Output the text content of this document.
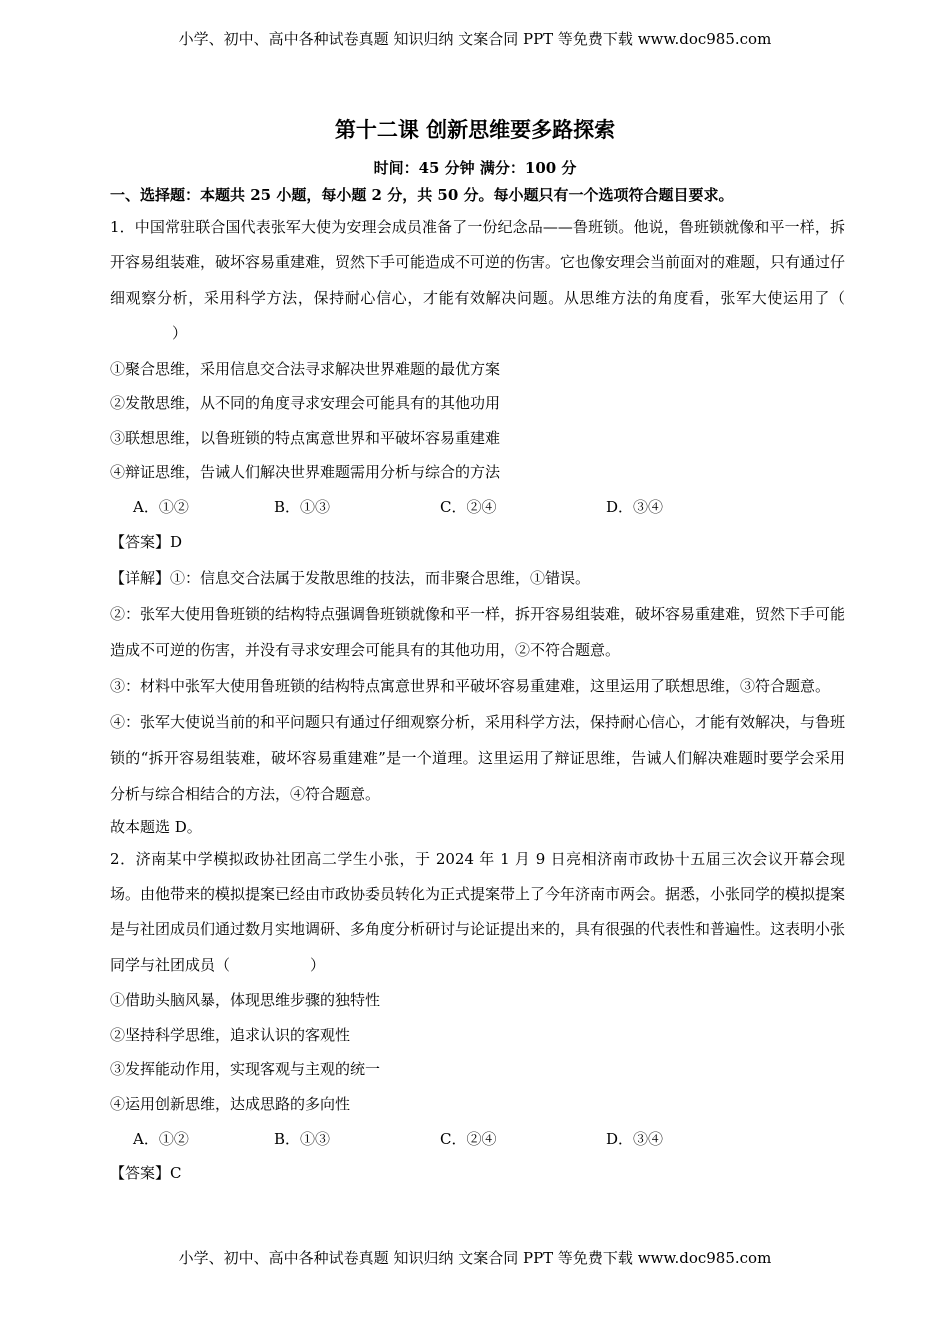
小学、初中、高中各种试卷真题 知识归纳 文案合同 PPT 等免费下载 www.doc985.com
第十二课 创新思维要多路探索
时间：45 分钟 满分：100 分
一、选择题：本题共 25 小题，每小题 2 分，共 50 分。每小题只有一个选项符合题目要求。

1．中国常驻联合国代表张军大使为安理会成员准备了一份纪念品——鲁班锁。他说，鲁班锁就像和平一样，拆开容易组装难，破坏容易重建难，贸然下手可能造成不可逆的伤害。它也像安理会当前面对的难题，只有通过仔细观察分析，采用科学方法，保持耐心信心，才能有效解决问题。从思维方法的角度看，张军大使运用了（）

①聚合思维，采用信息交合法寻求解决世界难题的最优方案

②发散思维，从不同的角度寻求安理会可能具有的其他功用

③联想思维，以鲁班锁的特点寓意世界和平破坏容易重建难

④辩证思维，告诫人们解决世界难题需用分析与综合的方法

A．①②	B．①③	C．②④	D．③④

【答案】D

【详解】①：信息交合法属于发散思维的技法，而非聚合思维，①错误。

②：张军大使用鲁班锁的结构特点强调鲁班锁就像和平一样，拆开容易组装难，破坏容易重建难，贸然下手可能造成不可逆的伤害，并没有寻求安理会可能具有的其他功用，②不符合题意。

③：材料中张军大使用鲁班锁的结构特点寓意世界和平破坏容易重建难，这里运用了联想思维，③符合题意。

④：张军大使说当前的和平问题只有通过仔细观察分析，采用科学方法，保持耐心信心，才能有效解决，与鲁班锁的“拆开容易组装难，破坏容易重建难”是一个道理。这里运用了辩证思维，告诫人们解决难题时要学会采用分析与综合相结合的方法，④符合题意。

故本题选 D。

2．济南某中学模拟政协社团高二学生小张，于 2024 年 1 月 9 日亮相济南市政协十五届三次会议开幕会现场。由他带来的模拟提案已经由市政协委员转化为正式提案带上了今年济南市两会。据悉，小张同学的模拟提案是与社团成员们通过数月实地调研、多角度分析研讨与论证提出来的，具有很强的代表性和普遍性。这表明小张同学与社团成员（	）

①借助头脑风暴，体现思维步骤的独特性

②坚持科学思维，追求认识的客观性

③发挥能动作用，实现客观与主观的统一

④运用创新思维，达成思路的多向性

A．①②	B．①③	C．②④	D．③④

【答案】C

小学、初中、高中各种试卷真题 知识归纳 文案合同 PPT 等免费下载 www.doc985.com
